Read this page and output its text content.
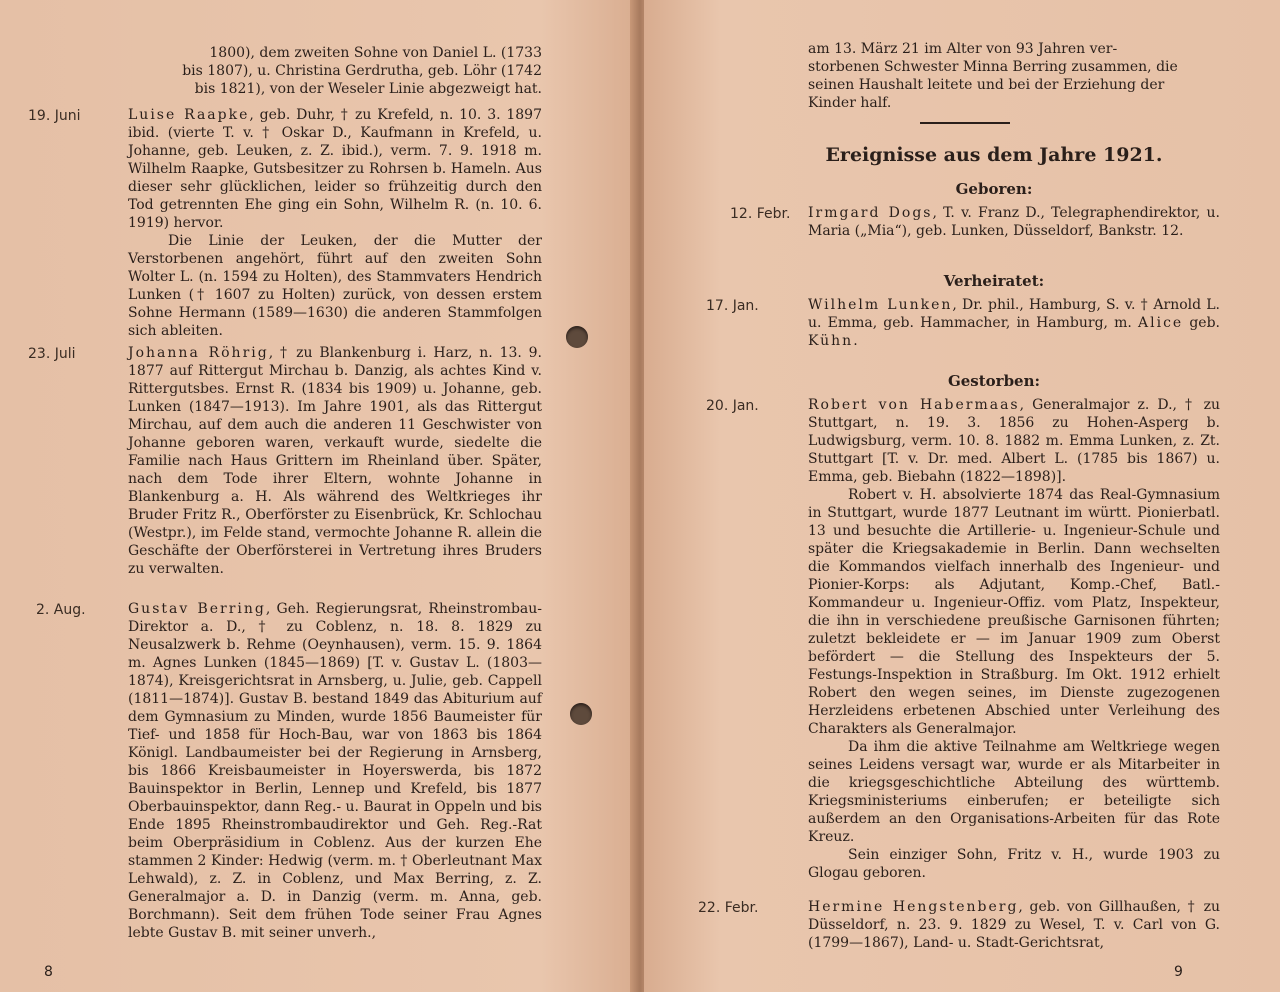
1800), dem zweiten Sohne von Daniel L. (1733
bis 1807), u. Christina Gerdrutha, geb. Löhr (1742
bis 1821), von der Weseler Linie abgezweigt hat.
19. Juni	Luise Raapke, geb. Duhr, † zu Krefeld, n. 10. 3. 1897 ibid. (vierte T. v. † Oskar D., Kaufmann in Krefeld, u. Johanne, geb. Leuken, z. Z. ibid.), verm. 7. 9. 1918 m. Wilhelm Raapke, Gutsbesitzer zu Rohrsen b. Hameln. Aus dieser sehr glücklichen, leider so frühzeitig durch den Tod getrennten Ehe ging ein Sohn, Wilhelm R. (n. 10. 6. 1919) hervor.

Die Linie der Leuken, der die Mutter der Verstorbenen angehört, führt auf den zweiten Sohn Wolter L. (n. 1594 zu Holten), des Stammvaters Hendrich Lunken († 1607 zu Holten) zurück, von dessen erstem Sohne Hermann (1589—1630) die anderen Stammfolgen sich ableiten.

23. Juli	Johanna Röhrig, † zu Blankenburg i. Harz, n. 13. 9. 1877 auf Rittergut Mirchau b. Danzig, als achtes Kind v. Rittergutsbes. Ernst R. (1834 bis 1909) u. Johanne, geb. Lunken (1847—1913). Im Jahre 1901, als das Rittergut Mirchau, auf dem auch die anderen 11 Geschwister von Johanne geboren waren, verkauft wurde, siedelte die Familie nach Haus Grittern im Rheinland über. Später, nach dem Tode ihrer Eltern, wohnte Johanne in Blankenburg a. H. Als während des Weltkrieges ihr Bruder Fritz R., Oberförster zu Eisenbrück, Kr. Schlochau (Westpr.), im Felde stand, vermochte Johanne R. allein die Geschäfte der Oberförsterei in Vertretung ihres Bruders zu verwalten.

2. Aug.	Gustav Berring, Geh. Regierungsrat, Rheinstrombau-Direktor a. D., † zu Coblenz, n. 18. 8. 1829 zu Neusalzwerk b. Rehme (Oeynhausen), verm. 15. 9. 1864 m. Agnes Lunken (1845—1869) [T. v. Gustav L. (1803—1874), Kreisgerichtsrat in Arnsberg, u. Julie, geb. Cappell (1811—1874)]. Gustav B. bestand 1849 das Abiturium auf dem Gymnasium zu Minden, wurde 1856 Baumeister für Tief- und 1858 für Hoch-Bau, war von 1863 bis 1864 Königl. Landbaumeister bei der Regierung in Arnsberg, bis 1866 Kreisbaumeister in Hoyerswerda, bis 1872 Bauinspektor in Berlin, Lennep und Krefeld, bis 1877 Oberbauinspektor, dann Reg.- u. Baurat in Oppeln und bis Ende 1895 Rheinstrombaudirektor und Geh. Reg.-Rat beim Oberpräsidium in Coblenz. Aus der kurzen Ehe stammen 2 Kinder: Hedwig (verm. m. † Oberleutnant Max Lehwald), z. Z. in Coblenz, und Max Berring, z. Z. Generalmajor a. D. in Danzig (verm. m. Anna, geb. Borchmann). Seit dem frühen Tode seiner Frau Agnes lebte Gustav B. mit seiner unverh.,

8
am 13. März 21 im Alter von 93 Jahren ver-
storbenen Schwester Minna Berring zusammen, die
seinen Haushalt leitete und bei der Erziehung der
Kinder half.

Ereignisse aus dem Jahre 1921.

Geboren:

12. Febr. Irmgard Dogs, T. v. Franz D., Telegraphendirektor, u. Maria („Mia“), geb. Lunken, Düsseldorf, Bankstr. 12.

Verheiratet:

17. Jan.	Wilhelm Lunken, Dr. phil., Hamburg, S. v. † Arnold L. u. Emma, geb. Hammacher, in Hamburg, m. Alice geb. Kühn.

Gestorben:

20. Jan.	Robert von Habermaas, Generalmajor z. D., † zu Stuttgart, n. 19. 3. 1856 zu Hohen-Asperg b. Ludwigsburg, verm. 10. 8. 1882 m. Emma Lunken, z. Zt. Stuttgart [T. v. Dr. med. Albert L. (1785 bis 1867) u. Emma, geb. Biebahn (1822—1898)].

Robert v. H. absolvierte 1874 das Real-Gymnasium in Stuttgart, wurde 1877 Leutnant im württ. Pionierbatl. 13 und besuchte die Artillerie- u. Ingenieur-Schule und später die Kriegsakademie in Berlin. Dann wechselten die Kommandos vielfach innerhalb des Ingenieur- und Pionier-Korps: als Adjutant, Komp.-Chef, Batl.-Kommandeur u. Ingenieur-Offiz. vom Platz, Inspekteur, die ihn in verschiedene preußische Garnisonen führten; zuletzt bekleidete er — im Januar 1909 zum Oberst befördert — die Stellung des Inspekteurs der 5. Festungs-Inspektion in Straßburg. Im Okt. 1912 erhielt Robert den wegen seines, im Dienste zugezogenen Herzleidens erbetenen Abschied unter Verleihung des Charakters als Generalmajor.

Da ihm die aktive Teilnahme am Weltkriege wegen seines Leidens versagt war, wurde er als Mitarbeiter in die kriegsgeschichtliche Abteilung des württemb. Kriegsministeriums einberufen; er beteiligte sich außerdem an den Organisations-Arbeiten für das Rote Kreuz.

Sein einziger Sohn, Fritz v. H., wurde 1903 zu Glogau geboren.

22. Febr.	Hermine Hengstenberg, geb. von Gillhaußen, † zu Düsseldorf, n. 23. 9. 1829 zu Wesel, T. v. Carl von G. (1799—1867), Land- u. Stadt-Gerichtsrat,

9
